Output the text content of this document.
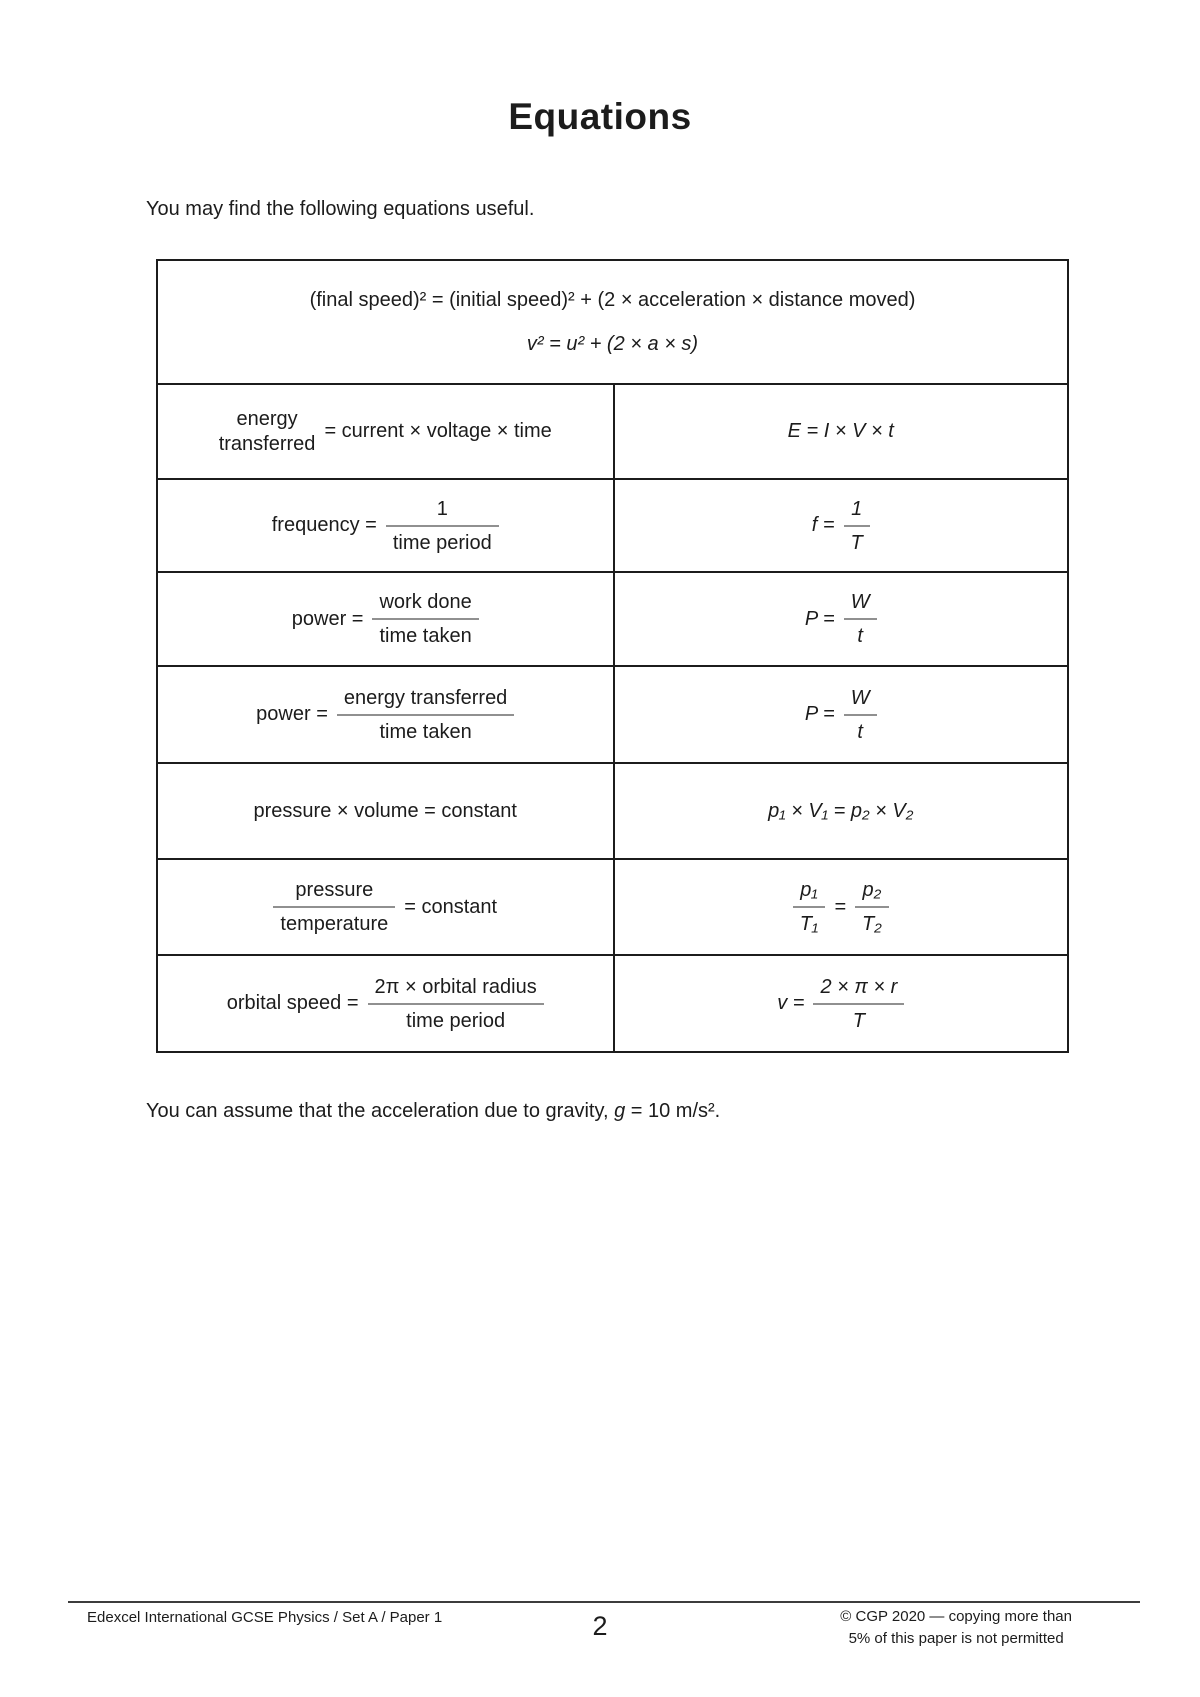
Equations

You may find the following equations useful.

(final speed)² = (initial speed)² + (2 × acceleration × distance moved)
v² = u² + (2 × a × s)
energy
transferred
= current × voltage × time	E = I × V × t
frequency = $\frac{1}{\text{time period}}$	$f = \frac{1}{T}$
power = $\frac{\text{work done}}{\text{time taken}}$	$P = \frac{W}{t}$
power = $\frac{\text{energy transferred}}{\text{time taken}}$	$P = \frac{W}{t}$
pressure × volume = constant	p₁ × V₁ = p₂ × V₂
$\frac{\text{pressure}}{\text{temperature}}$ = constant	$\frac{\text{p₁}}{\text{T₁}} = \frac{\text{p₂}}{\text{T₂}}$
orbital speed = $\frac{\text{2π × orbital radius}}{\text{time period}}$	$v = \frac{2 \times \pi \times r}{T}$

You can assume that the acceleration due to gravity, g = 10 m/s².

Edexcel International GCSE Physics / Set A / Paper 1	2	© CGP 2020 — copying more than
5% of this paper is not permitted
